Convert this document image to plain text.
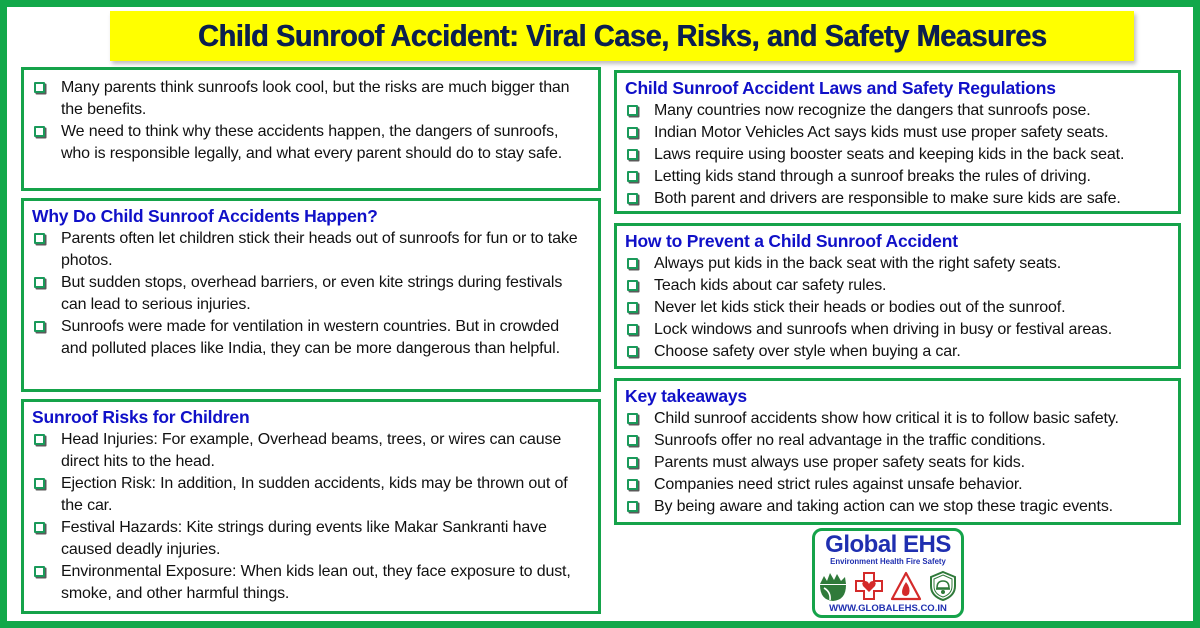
Child Sunroof Accident: Viral Case, Risks, and Safety Measures
Many parents think sunroofs look cool, but the risks are much bigger than the benefits.
We need to think why these accidents happen, the dangers of sunroofs, who is responsible legally, and what every parent should do to stay safe.
Why Do Child Sunroof Accidents Happen?
Parents often let children stick their heads out of sunroofs for fun or to take photos.
But sudden stops, overhead barriers, or even kite strings during festivals can lead to serious injuries.
Sunroofs were made for ventilation in western countries. But in crowded and polluted places like India, they can be more dangerous than helpful.
Sunroof Risks for Children
Head Injuries: For example, Overhead beams, trees, or wires can cause direct hits to the head.
Ejection Risk: In addition, In sudden accidents, kids may be thrown out of the car.
Festival Hazards: Kite strings during events like Makar Sankranti have caused deadly injuries.
Environmental Exposure: When kids lean out, they face exposure to dust, smoke, and other harmful things.
Child Sunroof Accident Laws and Safety Regulations
Many countries now recognize the dangers that sunroofs pose.
Indian Motor Vehicles Act says kids must use proper safety seats.
Laws require using booster seats and keeping kids in the back seat.
Letting kids stand through a sunroof breaks the rules of driving.
Both parent and drivers are responsible to make sure kids are safe.
How to Prevent a Child Sunroof Accident
Always put kids in the back seat with the right safety seats.
Teach kids about car safety rules.
Never let kids stick their heads or bodies out of the sunroof.
Lock windows and sunroofs when driving in busy or festival areas.
Choose safety over style when buying a car.
Key takeaways
Child sunroof accidents show how critical it is to follow basic safety.
Sunroofs offer no real advantage in the traffic conditions.
Parents must always use proper safety seats for kids.
Companies need strict rules against unsafe behavior.
By being aware and taking action can we stop these tragic events.
Global EHS
Environment Health Fire Safety
WWW.GLOBALEHS.CO.IN
